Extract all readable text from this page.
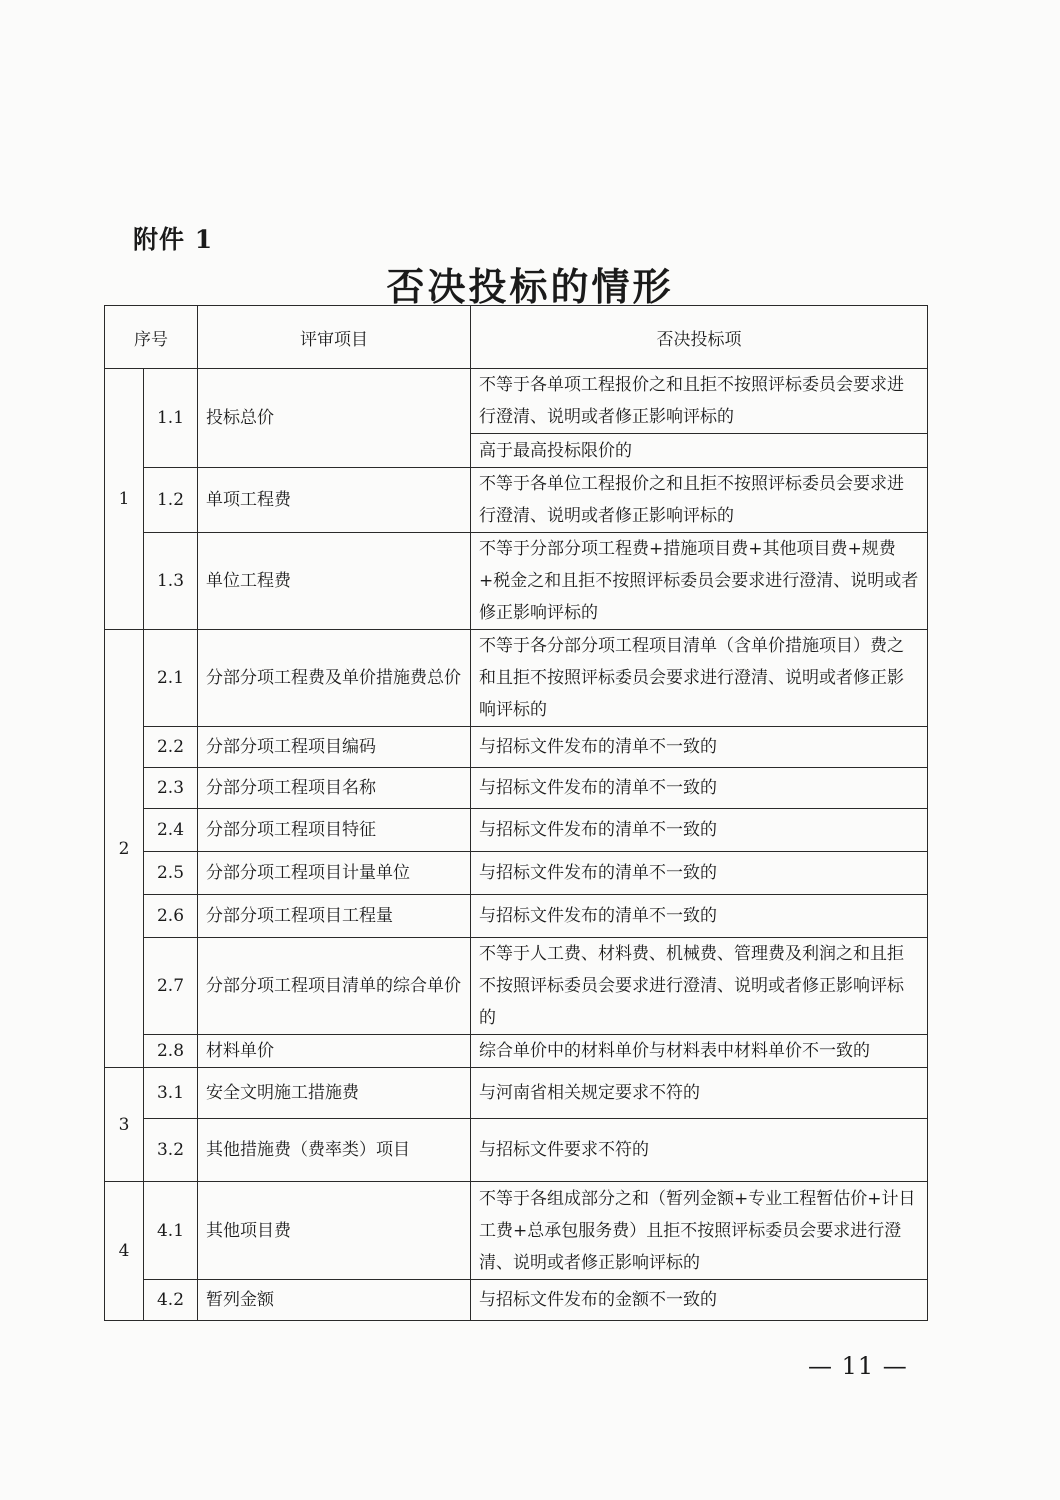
附件 1
否决投标的情形
序号		评审项目	否决投标项
1	1.1	投标总价	不等于各单项工程报价之和且拒不按照评标委员会要求进行澄清、说明或者修正影响评标的
			高于最高投标限价的
	1.2	单项工程费	不等于各单位工程报价之和且拒不按照评标委员会要求进行澄清、说明或者修正影响评标的
	1.3	单位工程费	不等于分部分项工程费+措施项目费+其他项目费+规费+税金之和且拒不按照评标委员会要求进行澄清、说明或者修正影响评标的
2	2.1	分部分项工程费及单价措施费总价	不等于各分部分项工程项目清单（含单价措施项目）费之和且拒不按照评标委员会要求进行澄清、说明或者修正影响评标的
	2.2	分部分项工程项目编码	与招标文件发布的清单不一致的
	2.3	分部分项工程项目名称	与招标文件发布的清单不一致的
	2.4	分部分项工程项目特征	与招标文件发布的清单不一致的
	2.5	分部分项工程项目计量单位	与招标文件发布的清单不一致的
	2.6	分部分项工程项目工程量	与招标文件发布的清单不一致的
	2.7	分部分项工程项目清单的综合单价	不等于人工费、材料费、机械费、管理费及利润之和且拒不按照评标委员会要求进行澄清、说明或者修正影响评标的
	2.8	材料单价	综合单价中的材料单价与材料表中材料单价不一致的
3	3.1	安全文明施工措施费	与河南省相关规定要求不符的
	3.2	其他措施费（费率类）项目	与招标文件要求不符的
4	4.1	其他项目费	不等于各组成部分之和（暂列金额+专业工程暂估价+计日工费+总承包服务费）且拒不按照评标委员会要求进行澄清、说明或者修正影响评标的
	4.2	暂列金额	与招标文件发布的金额不一致的
— 11 —
